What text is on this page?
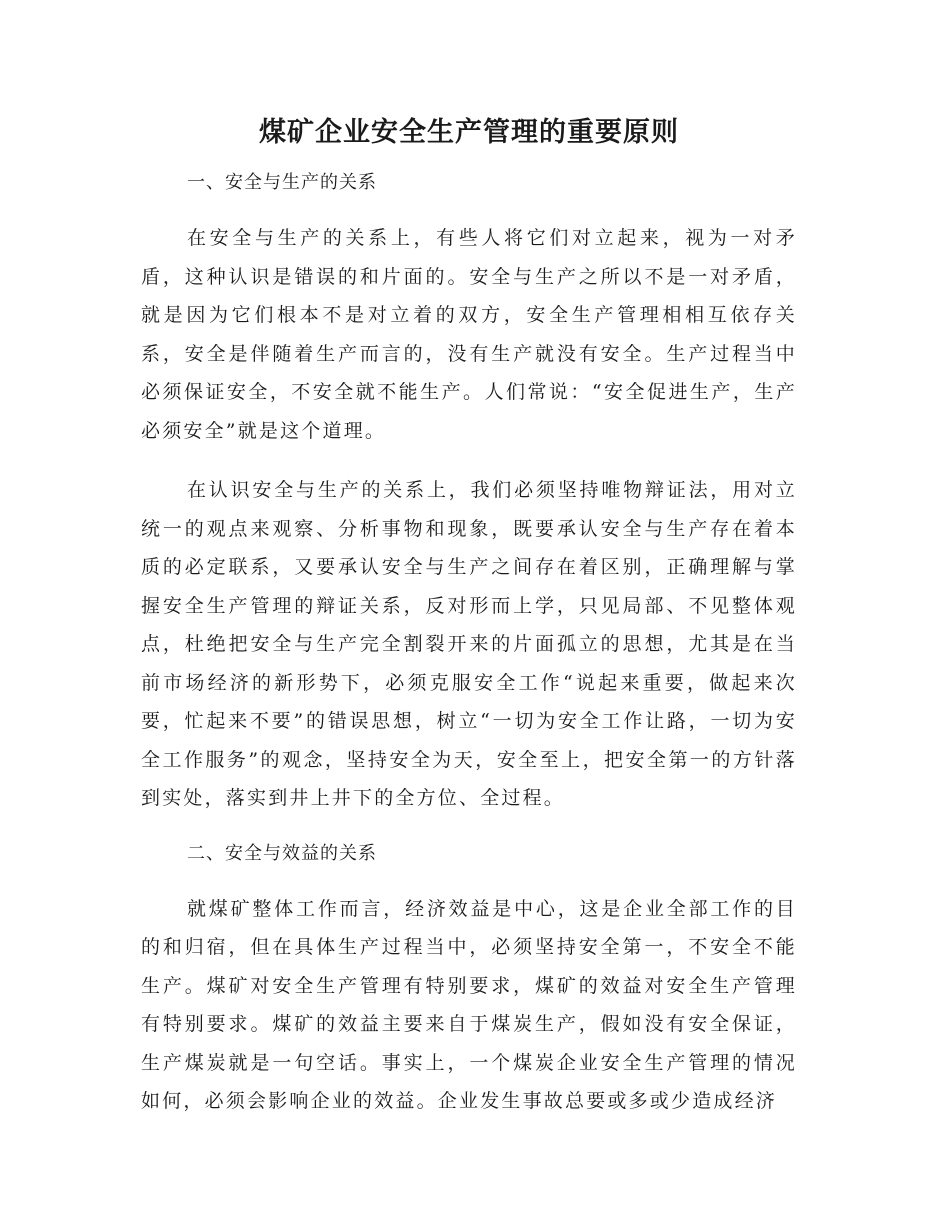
煤矿企业安全生产管理的重要原则
一、安全与生产的关系

在安全与生产的关系上，有些人将它们对立起来，视为一对矛盾，这种认识是错误的和片面的。安全与生产之所以不是一对矛盾，就是因为它们根本不是对立着的双方，安全生产管理相相互依存关系，安全是伴随着生产而言的，没有生产就没有安全。生产过程当中必须保证安全，不安全就不能生产。人们常说：“安全促进生产，生产必须安全”就是这个道理。

在认识安全与生产的关系上，我们必须坚持唯物辩证法，用对立统一的观点来观察、分析事物和现象，既要承认安全与生产存在着本质的必定联系，又要承认安全与生产之间存在着区别，正确理解与掌握安全生产管理的辩证关系，反对形而上学，只见局部、不见整体观点，杜绝把安全与生产完全割裂开来的片面孤立的思想，尤其是在当前市场经济的新形势下，必须克服安全工作“说起来重要，做起来次要，忙起来不要”的错误思想，树立“一切为安全工作让路，一切为安全工作服务”的观念，坚持安全为天，安全至上，把安全第一的方针落到实处，落实到井上井下的全方位、全过程。

二、安全与效益的关系

就煤矿整体工作而言，经济效益是中心，这是企业全部工作的目的和归宿，但在具体生产过程当中，必须坚持安全第一，不安全不能生产。煤矿对安全生产管理有特别要求，煤矿的效益对安全生产管理有特别要求。煤矿的效益主要来自于煤炭生产，假如没有安全保证，生产煤炭就是一句空话。事实上，一个煤炭企业安全生产管理的情况如何，必须会影响企业的效益。企业发生事故总要或多或少造成经济
